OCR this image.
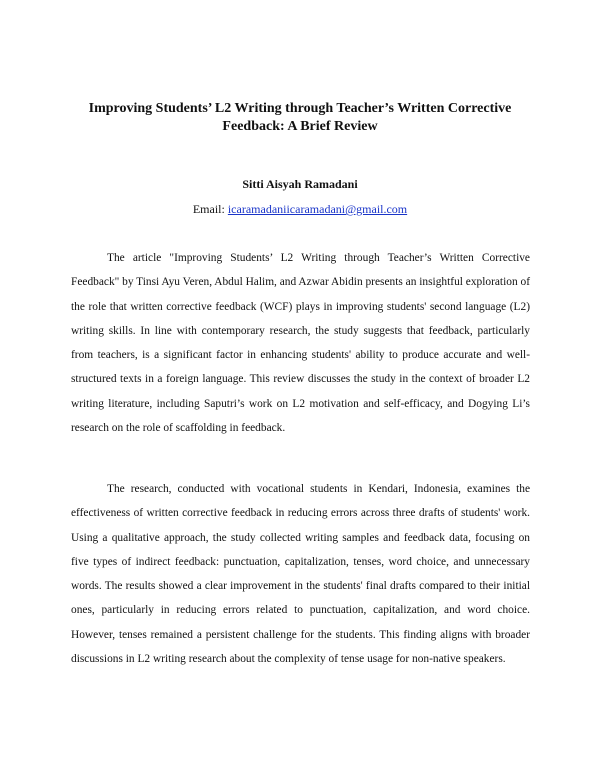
Improving Students’ L2 Writing through Teacher’s Written Corrective Feedback: A Brief Review
Sitti Aisyah Ramadani
Email: icaramadaniicaramadani@gmail.com

The article "Improving Students’ L2 Writing through Teacher’s Written Corrective Feedback" by Tinsi Ayu Veren, Abdul Halim, and Azwar Abidin presents an insightful exploration of the role that written corrective feedback (WCF) plays in improving students' second language (L2) writing skills. In line with contemporary research, the study suggests that feedback, particularly from teachers, is a significant factor in enhancing students' ability to produce accurate and well-structured texts in a foreign language. This review discusses the study in the context of broader L2 writing literature, including Saputri’s work on L2 motivation and self-efficacy, and Dogying Li’s research on the role of scaffolding in feedback.

The research, conducted with vocational students in Kendari, Indonesia, examines the effectiveness of written corrective feedback in reducing errors across three drafts of students' work. Using a qualitative approach, the study collected writing samples and feedback data, focusing on five types of indirect feedback: punctuation, capitalization, tenses, word choice, and unnecessary words. The results showed a clear improvement in the students' final drafts compared to their initial ones, particularly in reducing errors related to punctuation, capitalization, and word choice. However, tenses remained a persistent challenge for the students. This finding aligns with broader discussions in L2 writing research about the complexity of tense usage for non-native speakers.
